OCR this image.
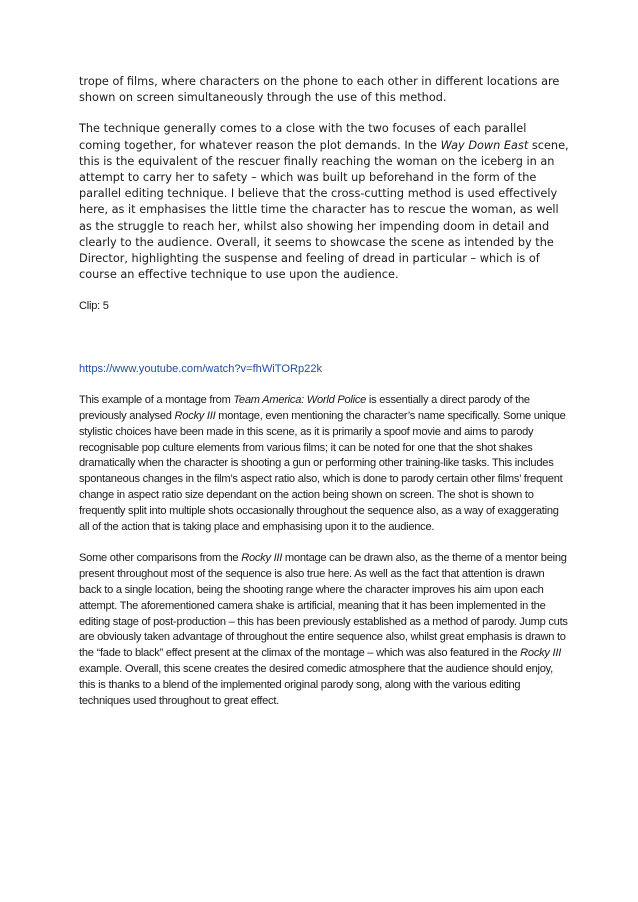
trope of films, where characters on the phone to each other in different locations are shown on screen simultaneously through the use of this method.

The technique generally comes to a close with the two focuses of each parallel coming together, for whatever reason the plot demands. In the Way Down East scene, this is the equivalent of the rescuer finally reaching the woman on the iceberg in an attempt to carry her to safety – which was built up beforehand in the form of the parallel editing technique. I believe that the cross-cutting method is used effectively here, as it emphasises the little time the character has to rescue the woman, as well as the struggle to reach her, whilst also showing her impending doom in detail and clearly to the audience. Overall, it seems to showcase the scene as intended by the Director, highlighting the suspense and feeling of dread in particular – which is of course an effective technique to use upon the audience.

Clip: 5

https://www.youtube.com/watch?v=fhWiTORp22k

This example of a montage from Team America: World Police is essentially a direct parody of the previously analysed Rocky III montage, even mentioning the character’s name specifically. Some unique stylistic choices have been made in this scene, as it is primarily a spoof movie and aims to parody recognisable pop culture elements from various films; it can be noted for one that the shot shakes dramatically when the character is shooting a gun or performing other training-like tasks. This includes spontaneous changes in the film’s aspect ratio also, which is done to parody certain other films’ frequent change in aspect ratio size dependant on the action being shown on screen. The shot is shown to frequently split into multiple shots occasionally throughout the sequence also, as a way of exaggerating all of the action that is taking place and emphasising upon it to the audience.

Some other comparisons from the Rocky III montage can be drawn also, as the theme of a mentor being present throughout most of the sequence is also true here. As well as the fact that attention is drawn back to a single location, being the shooting range where the character improves his aim upon each attempt. The aforementioned camera shake is artificial, meaning that it has been implemented in the editing stage of post-production – this has been previously established as a method of parody. Jump cuts are obviously taken advantage of throughout the entire sequence also, whilst great emphasis is drawn to the “fade to black” effect present at the climax of the montage – which was also featured in the Rocky III example. Overall, this scene creates the desired comedic atmosphere that the audience should enjoy, this is thanks to a blend of the implemented original parody song, along with the various editing techniques used throughout to great effect.
